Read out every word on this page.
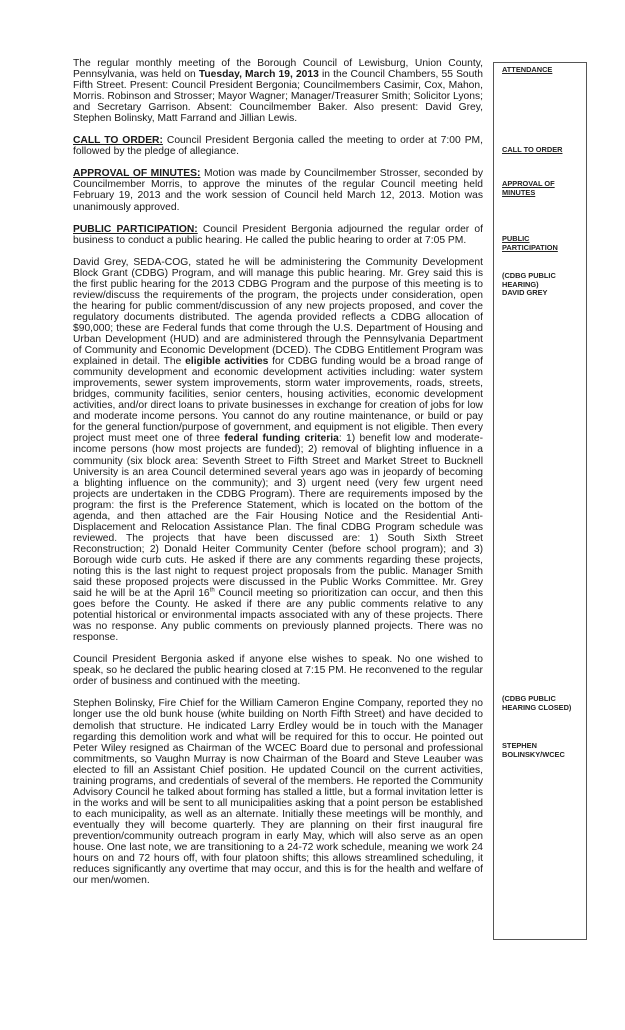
The regular monthly meeting of the Borough Council of Lewisburg, Union County, Pennsylvania, was held on Tuesday, March 19, 2013 in the Council Chambers, 55 South Fifth Street. Present: Council President Bergonia; Councilmembers Casimir, Cox, Mahon, Morris. Robinson and Strosser; Mayor Wagner; Manager/Treasurer Smith; Solicitor Lyons; and Secretary Garrison. Absent: Councilmember Baker. Also present: David Grey, Stephen Bolinsky, Matt Farrand and Jillian Lewis.

CALL TO ORDER: Council President Bergonia called the meeting to order at 7:00 PM, followed by the pledge of allegiance.

APPROVAL OF MINUTES: Motion was made by Councilmember Strosser, seconded by Councilmember Morris, to approve the minutes of the regular Council meeting held February 19, 2013 and the work session of Council held March 12, 2013. Motion was unanimously approved.

PUBLIC PARTICIPATION: Council President Bergonia adjourned the regular order of business to conduct a public hearing. He called the public hearing to order at 7:05 PM.

David Grey, SEDA-COG, stated he will be administering the Community Development Block Grant (CDBG) Program, and will manage this public hearing. Mr. Grey said this is the first public hearing for the 2013 CDBG Program and the purpose of this meeting is to review/discuss the requirements of the program, the projects under consideration, open the hearing for public comment/discussion of any new projects proposed, and cover the regulatory documents distributed. The agenda provided reflects a CDBG allocation of $90,000; these are Federal funds that come through the U.S. Department of Housing and Urban Development (HUD) and are administered through the Pennsylvania Department of Community and Economic Development (DCED). The CDBG Entitlement Program was explained in detail. The eligible activities for CDBG funding would be a broad range of community development and economic development activities including: water system improvements, sewer system improvements, storm water improvements, roads, streets, bridges, community facilities, senior centers, housing activities, economic development activities, and/or direct loans to private businesses in exchange for creation of jobs for low and moderate income persons. You cannot do any routine maintenance, or build or pay for the general function/purpose of government, and equipment is not eligible. Then every project must meet one of three federal funding criteria: 1) benefit low and moderate-income persons (how most projects are funded); 2) removal of blighting influence in a community (six block area: Seventh Street to Fifth Street and Market Street to Bucknell University is an area Council determined several years ago was in jeopardy of becoming a blighting influence on the community); and 3) urgent need (very few urgent need projects are undertaken in the CDBG Program). There are requirements imposed by the program: the first is the Preference Statement, which is located on the bottom of the agenda, and then attached are the Fair Housing Notice and the Residential Anti-Displacement and Relocation Assistance Plan. The final CDBG Program schedule was reviewed. The projects that have been discussed are: 1) South Sixth Street Reconstruction; 2) Donald Heiter Community Center (before school program); and 3) Borough wide curb cuts. He asked if there are any comments regarding these projects, noting this is the last night to request project proposals from the public. Manager Smith said these proposed projects were discussed in the Public Works Committee. Mr. Grey said he will be at the April 16th Council meeting so prioritization can occur, and then this goes before the County. He asked if there are any public comments relative to any potential historical or environmental impacts associated with any of these projects. There was no response. Any public comments on previously planned projects. There was no response.

Council President Bergonia asked if anyone else wishes to speak. No one wished to speak, so he declared the public hearing closed at 7:15 PM. He reconvened to the regular order of business and continued with the meeting.

Stephen Bolinsky, Fire Chief for the William Cameron Engine Company, reported they no longer use the old bunk house (white building on North Fifth Street) and have decided to demolish that structure. He indicated Larry Erdley would be in touch with the Manager regarding this demolition work and what will be required for this to occur. He pointed out Peter Wiley resigned as Chairman of the WCEC Board due to personal and professional commitments, so Vaughn Murray is now Chairman of the Board and Steve Leauber was elected to fill an Assistant Chief position. He updated Council on the current activities, training programs, and credentials of several of the members. He reported the Community Advisory Council he talked about forming has stalled a little, but a formal invitation letter is in the works and will be sent to all municipalities asking that a point person be established to each municipality, as well as an alternate. Initially these meetings will be monthly, and eventually they will become quarterly. They are planning on their first inaugural fire prevention/community outreach program in early May, which will also serve as an open house. One last note, we are transitioning to a 24-72 work schedule, meaning we work 24 hours on and 72 hours off, with four platoon shifts; this allows streamlined scheduling, it reduces significantly any overtime that may occur, and this is for the health and welfare of our men/women.

ATTENDANCE
CALL TO ORDER
APPROVAL OF
MINUTES
PUBLIC
PARTICIPATION
(CDBG PUBLIC
HEARING)
DAVID GREY
(CDBG PUBLIC
HEARING CLOSED)
STEPHEN
BOLINSKY/WCEC
